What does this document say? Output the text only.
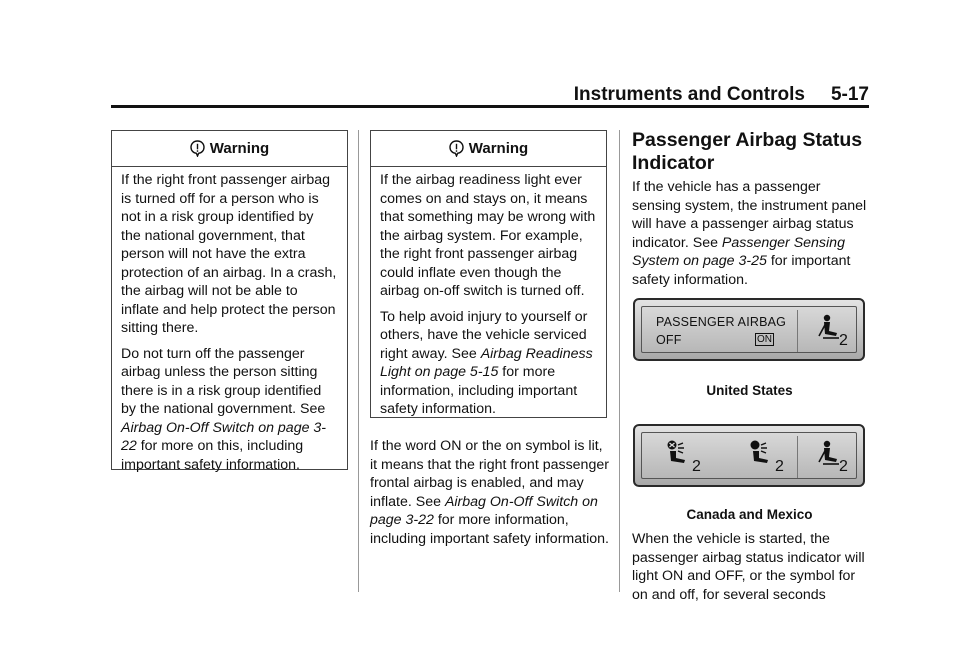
Instruments and Controls 5-17
Warning

If the right front passenger airbag is turned off for a person who is not in a risk group identified by the national government, that person will not have the extra protection of an airbag. In a crash, the airbag will not be able to inflate and help protect the person sitting there.

Do not turn off the passenger airbag unless the person sitting there is in a risk group identified by the national government. See Airbag On-Off Switch on page 3-22 for more on this, including important safety information.

Warning

If the airbag readiness light ever comes on and stays on, it means that something may be wrong with the airbag system. For example, the right front passenger airbag could inflate even though the airbag on-off switch is turned off.

To help avoid injury to yourself or others, have the vehicle serviced right away. See Airbag Readiness Light on page 5-15 for more information, including important safety information.

If the word ON or the on symbol is lit, it means that the right front passenger frontal airbag is enabled, and may inflate. See Airbag On-Off Switch on page 3-22 for more information, including important safety information.

Passenger Airbag Status Indicator

If the vehicle has a passenger sensing system, the instrument panel will have a passenger airbag status indicator. See Passenger Sensing System on page 3-25 for important safety information.

PASSENGER AIRBAG
OFF	ON	2
United States
2	2	2
Canada and Mexico

When the vehicle is started, the passenger airbag status indicator will light ON and OFF, or the symbol for on and off, for several seconds
